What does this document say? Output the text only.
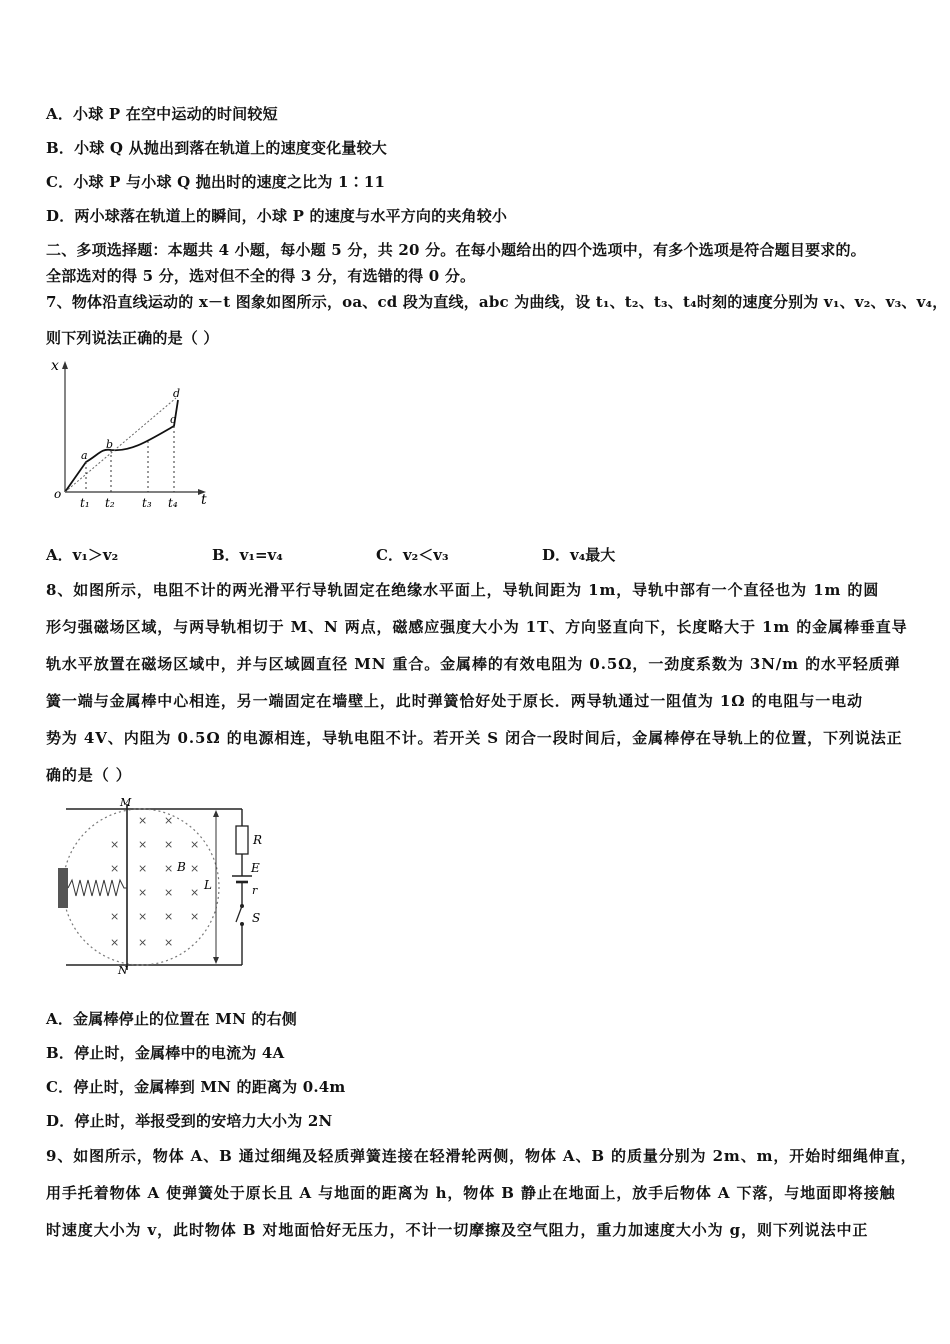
A．小球 P 在空中运动的时间较短
B．小球 Q 从抛出到落在轨道上的速度变化量较大
C．小球 P 与小球 Q 抛出时的速度之比为 1∶11
D．两小球落在轨道上的瞬间，小球 P 的速度与水平方向的夹角较小
二、多项选择题：本题共 4 小题，每小题 5 分，共 20 分。在每小题给出的四个选项中，有多个选项是符合题目要求的。
全部选对的得 5 分，选对但不全的得 3 分，有选错的得 0 分。
7、物体沿直线运动的 x－t 图象如图所示，oa、cd 段为直线，abc 为曲线，设 t₁、t₂、t₃、t₄时刻的速度分别为 v₁、v₂、v₃、v₄，
则下列说法正确的是（ ）
x
t
o
a
b
c
d
t₁ t₂ t₃ t₄
A．v₁＞v₂	B．v₁=v₄	C．v₂＜v₃	D．v₄最大
8、如图所示，电阻不计的两光滑平行导轨固定在绝缘水平面上，导轨间距为 1m，导轨中部有一个直径也为 1m 的圆
形匀强磁场区域，与两导轨相切于 M、N 两点，磁感应强度大小为 1T、方向竖直向下，长度略大于 1m 的金属棒垂直导
轨水平放置在磁场区域中，并与区域圆直径 MN 重合。金属棒的有效电阻为 0.5Ω，一劲度系数为 3N/m 的水平轻质弹
簧一端与金属棒中心相连，另一端固定在墙壁上，此时弹簧恰好处于原长．两导轨通过一阻值为 1Ω 的电阻与一电动
势为 4V、内阻为 0.5Ω 的电源相连，导轨电阻不计。若开关 S 闭合一段时间后，金属棒停在导轨上的位置，下列说法正
确的是（ ）
×
×
×
×
×
×
×
×
×
×
×
×
×
×
×
×
×
×
×
×
M
N
B
L
R
E
r
S
A．金属棒停止的位置在 MN 的右侧
B．停止时，金属棒中的电流为 4A
C．停止时，金属棒到 MN 的距离为 0.4m
D．停止时，举报受到的安培力大小为 2N
9、如图所示，物体 A、B 通过细绳及轻质弹簧连接在轻滑轮两侧，物体 A、B 的质量分别为 2m、m，开始时细绳伸直，
用手托着物体 A 使弹簧处于原长且 A 与地面的距离为 h，物体 B 静止在地面上，放手后物体 A 下落，与地面即将接触
时速度大小为 v，此时物体 B 对地面恰好无压力，不计一切摩擦及空气阻力，重力加速度大小为 g，则下列说法中正
